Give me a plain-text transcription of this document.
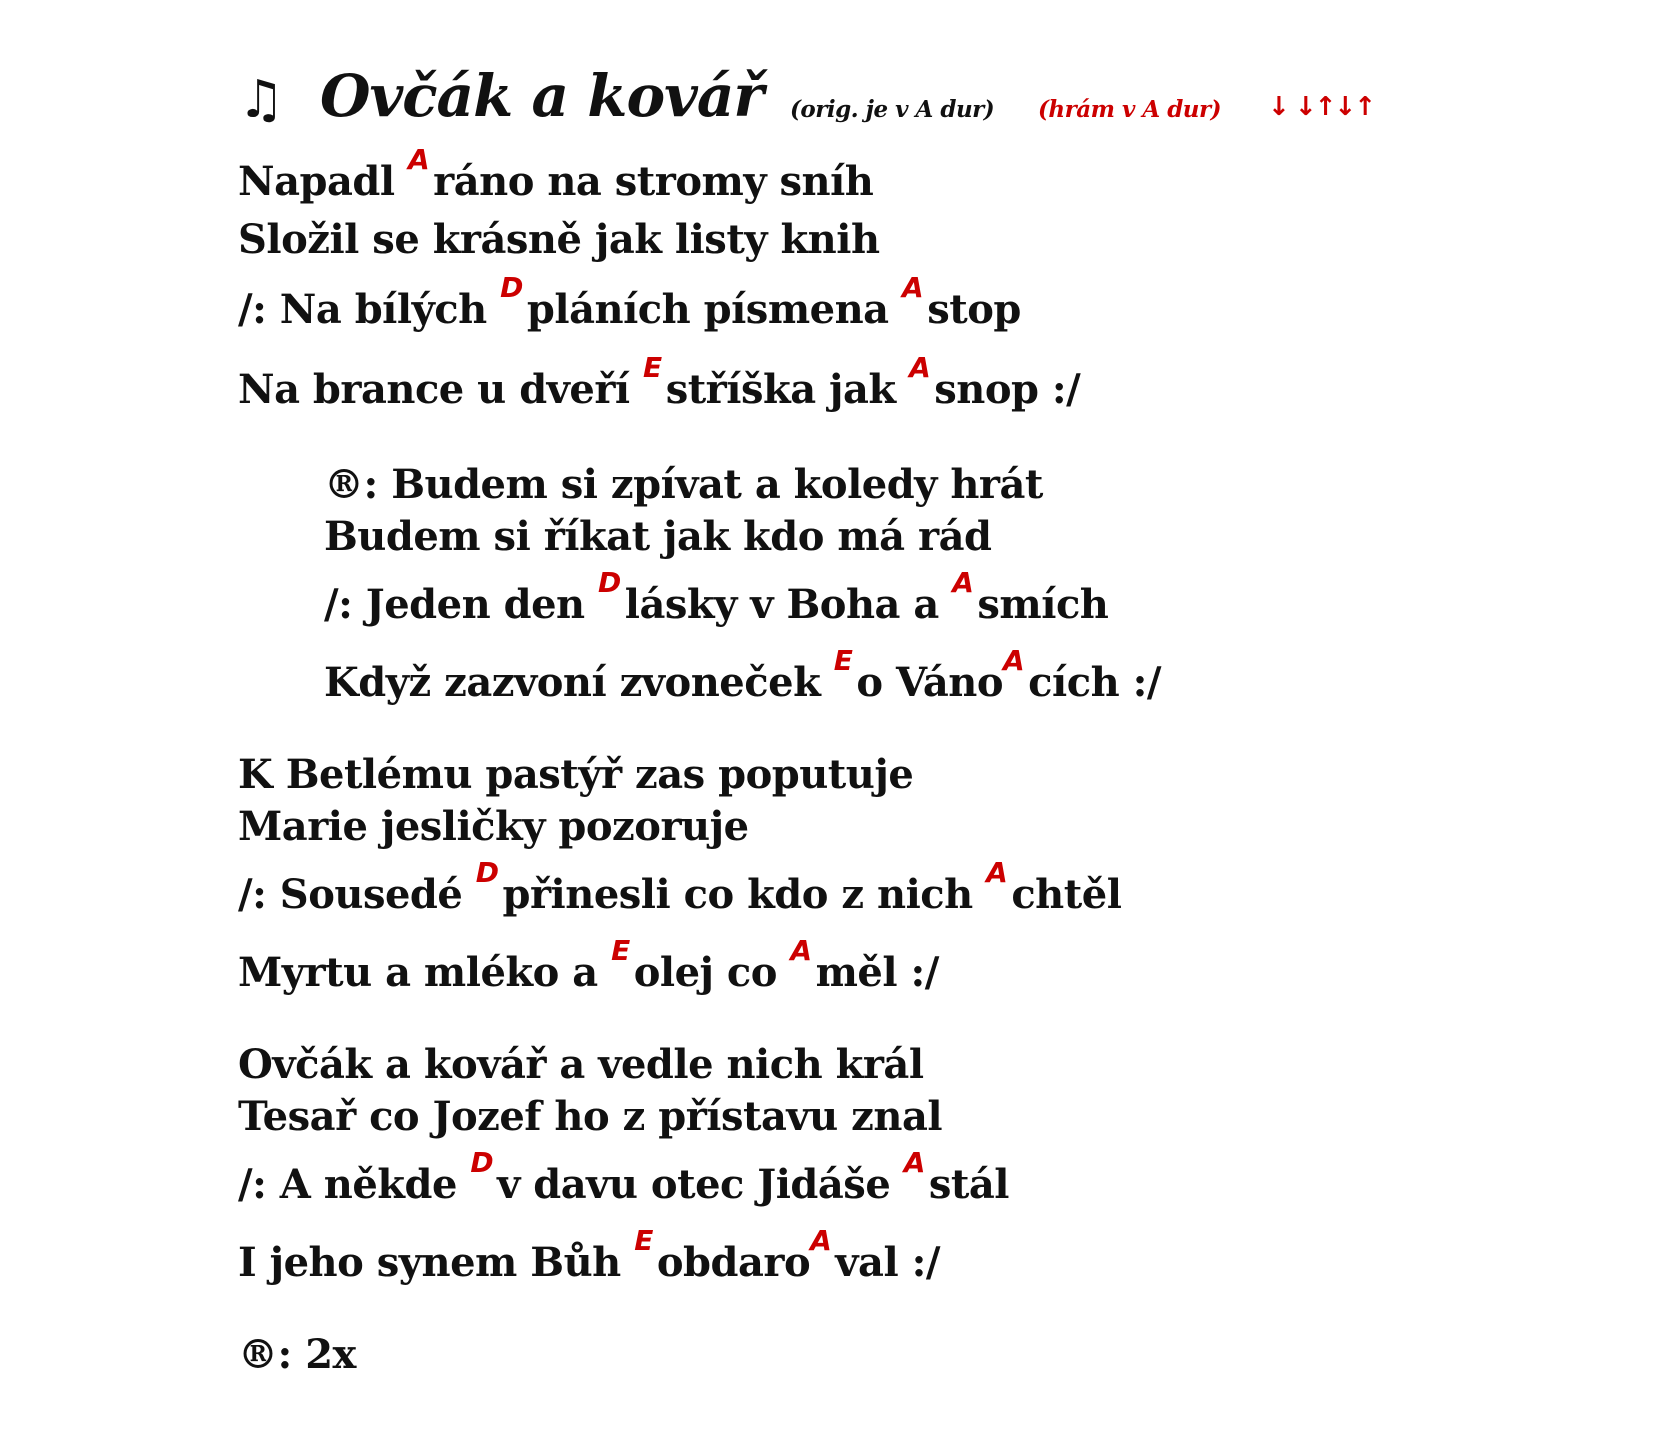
♫ Ovčák a kovář (orig. je v A dur) (hrám v A dur) ↓ ↓↑↓↑
Napadl $^A$ ráno na stromy sníh
Složil se krásně jak listy knih
/: Na bílých $^D$ pláních písmena $^A$ stop
Na brance u dveří $^E$ stříška jak $^A$ snop :/
®: Budem si zpívat a koledy hrát
Budem si říkat jak kdo má rád
/: Jeden den $^D$ lásky v Boha a $^A$ smích
Když zazvoní zvoneček $^E$ o Váno$^A$ cích :/
K Betlému pastýř zas poputuje
Marie jesličky pozoruje
/: Sousedé $^D$ přinesli co kdo z nich $^A$ chtěl
Myrtu a mléko a $^E$ olej co $^A$ měl :/
Ovčák a kovář a vedle nich král
Tesař co Jozef ho z přístavu znal
/: A někde $^D$ v davu otec Jidáše $^A$ stál
I jeho synem Bůh $^E$ obdaro$^A$ val :/
®: 2x
